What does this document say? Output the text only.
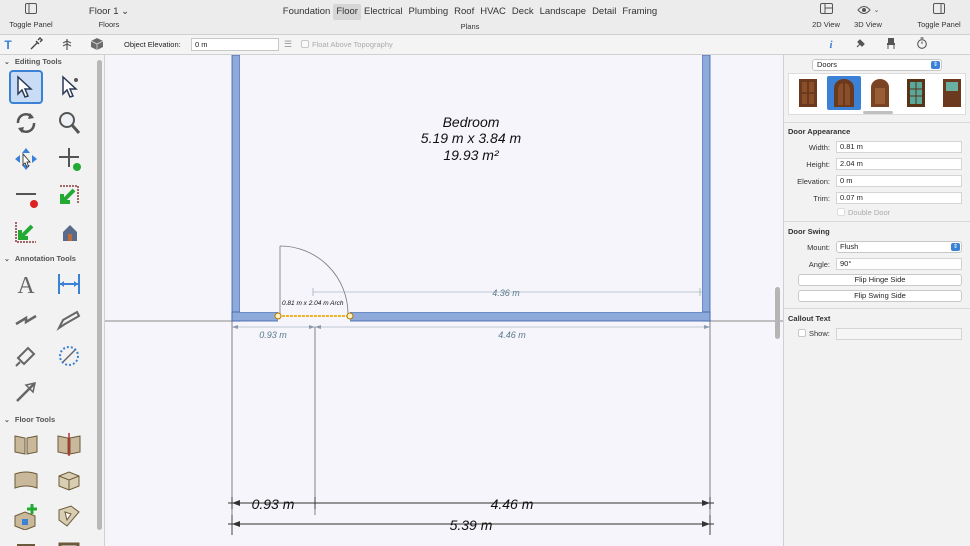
Toggle Panel
Floor 1 ⌄
Floors
Foundation Floor Electrical Plumbing Roof HVAC Deck Landscape Detail Framing
Plans	2D View
⌄
3D View	Toggle Panel
T	Object Elevation:	0 m	☰	Float Above Topography	i
⌄ Editing Tools
⌄ Annotation Tools
A
⌄ Floor Tools
Bedroom
5.19 m x 3.84 m
19.93 m²
0.81 m x 2.04 m Arch
4.36 m
0.93 m	4.46 m
0.93 m	4.46 m
5.39 m
Doors	⇕
Door Appearance
Width:	0.81 m
Height:	2.04 m
Elevation:	0 m
Trim:	0.07 m
Double Door
Door Swing
Mount:	Flush	⇕
Angle:	90°
Flip Hinge Side
Flip Swing Side
Callout Text
Show:
